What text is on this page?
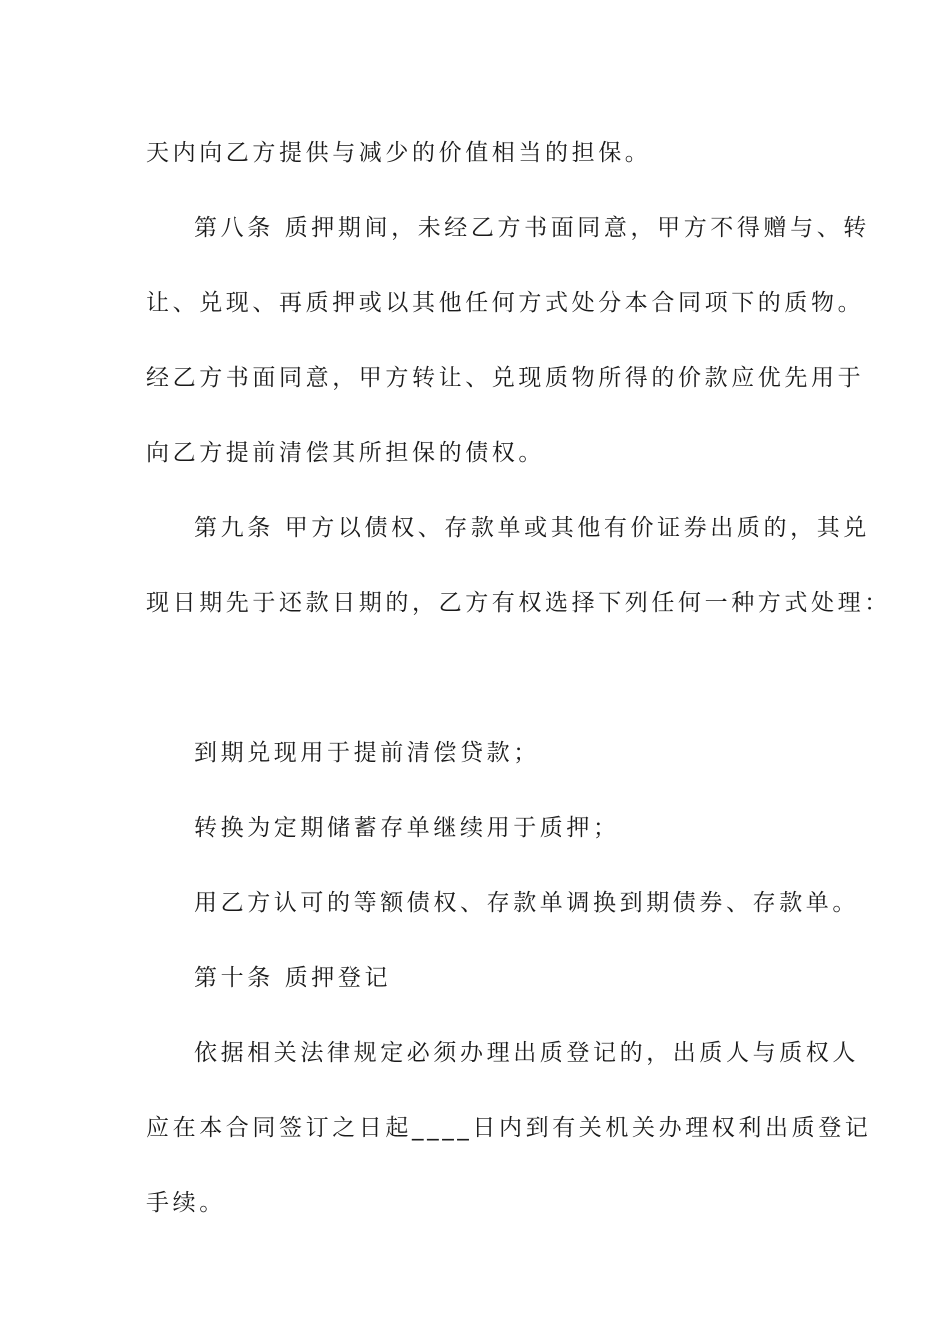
天内向乙方提供与减少的价值相当的担保。
第八条 质押期间，未经乙方书面同意，甲方不得赠与、转
让、兑现、再质押或以其他任何方式处分本合同项下的质物。
经乙方书面同意，甲方转让、兑现质物所得的价款应优先用于
向乙方提前清偿其所担保的债权。
第九条 甲方以债权、存款单或其他有价证券出质的，其兑
现日期先于还款日期的，乙方有权选择下列任何一种方式处理：
到期兑现用于提前清偿贷款；
转换为定期储蓄存单继续用于质押；
用乙方认可的等额债权、存款单调换到期债券、存款单。
第十条 质押登记
依据相关法律规定必须办理出质登记的，出质人与质权人
应在本合同签订之日起____日内到有关机关办理权利出质登记
手续。
